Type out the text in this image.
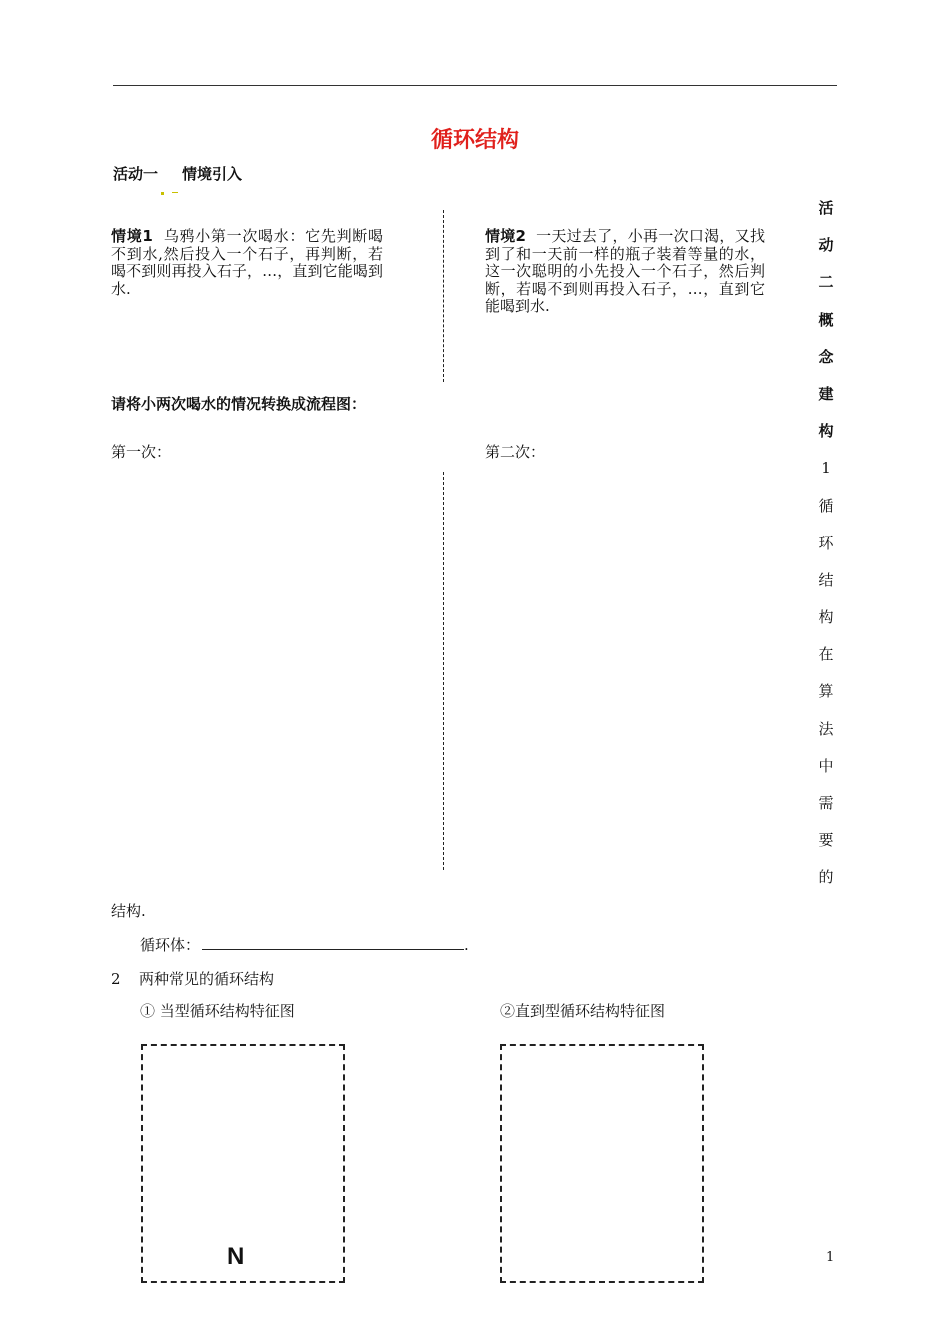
循环结构
活动一 情境引入
情境1 乌鸦小第一次喝水：它先判断喝不到水,然后投入一个石子，再判断，若喝不到则再投入石子，…，直到它能喝到水.
情境2 一天过去了，小再一次口渴，又找到了和一天前一样的瓶子装着等量的水，这一次聪明的小先投入一个石子，然后判断，若喝不到则再投入石子，…，直到它能喝到水.
请将小两次喝水的情况转换成流程图：
第一次：	第二次：
活
动
二
概
念
建
构
1
循
环
结
构
在
算
法
中
需
要
的
结构.
循环体：	.
2 两种常见的循环结构
① 当型循环结构特征图	②直到型循环结构特征图
N	1
